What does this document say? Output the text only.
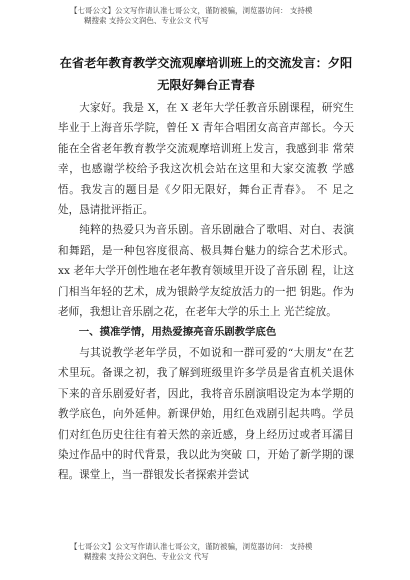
【七哥公文】公文写作请认准七哥公文，谨防被骗，浏览器访问： 支持模
糊搜索 支持公文润色、专业公文 代写
在省老年教育教学交流观摩培训班上的交流发言：夕阳无限好舞台正青春

大家好。我是 X，在 X 老年大学任教音乐剧课程，研究生 毕业于上海音乐学院，曾任 X 青年合唱团女高音声部长。今天能在全省老年教育教学交流观摩培训班上发言，我感到非 常荣幸，也感谢学校给予我这次机会站在这里和大家交流教 学感悟。我发言的题目是《夕阳无限好，舞台正青春》。 不 足之处，恳请批评指正。

纯粹的热爱只为音乐剧。音乐剧融合了歌唱、对白、表演和舞蹈，是一种包容度很高、极具舞台魅力的综合艺术形式。xx 老年大学开创性地在老年教育领域里开设了音乐剧 程，让这门相当年轻的艺术，成为银龄学友绽放活力的一把 钥匙。作为老师，我想让音乐剧之花，在老年大学的乐土上 光芒绽放。

一、摸准学情，用热爱擦亮音乐剧教学底色

与其说教学老年学员，不如说和一群可爱的“大朋友”在艺术里玩。备课之初，我了解到班级里许多学员是省直机关退休下来的音乐剧爱好者，因此，我将音乐剧演唱设定为本学期的教学底色，向外延伸。新课伊始，用红色戏剧引起共鸣。学员们对红色历史往往有着天然的亲近感，身上经历过或者耳濡目染过作品中的时代背景，我以此为突破 口，开始了新学期的课程。课堂上，当一群银发长者探索并尝试

【七哥公文】公文写作请认准七哥公文，谨防被骗，浏览器访问： 支持模
糊搜索 支持公文润色、专业公文 代写
